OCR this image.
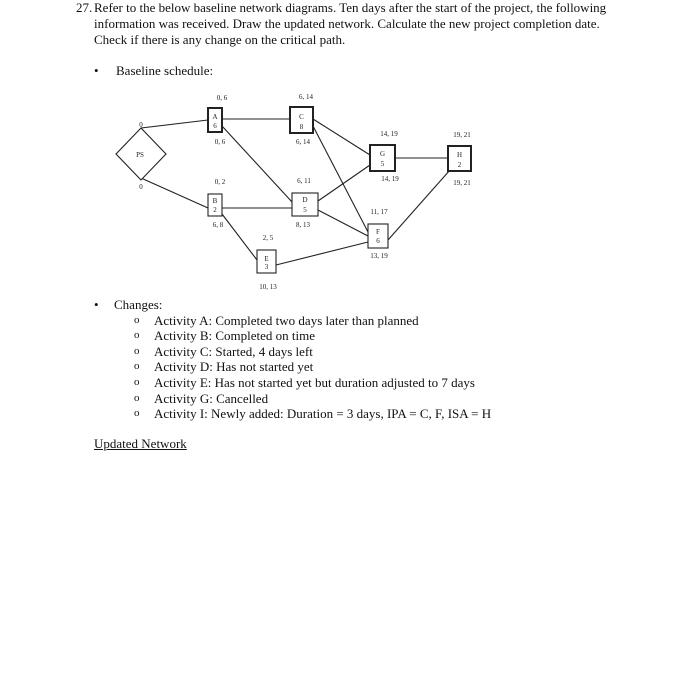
27. Refer to the below baseline network diagrams. Ten days after the start of the project, the following
information was received. Draw the updated network. Calculate the new project completion date.
Check if there is any change on the critical path.
• Baseline schedule:
PS
0
0
A
6
0, 6
0, 6
B
2
0, 2
6, 8
C
8
6, 14
6, 14
D
5
6, 11
8, 13
E
3
2, 5
10, 13
F
6
11, 17
13, 19
G
5
14, 19
14, 19
H
2
19, 21
19, 21
• Changes:
o Activity A: Completed two days later than planned
o Activity B: Completed on time
o Activity C: Started, 4 days left
o Activity D: Has not started yet
o Activity E: Has not started yet but duration adjusted to 7 days
o Activity G: Cancelled
o Activity I: Newly added: Duration = 3 days, IPA = C, F, ISA = H
Updated Network
